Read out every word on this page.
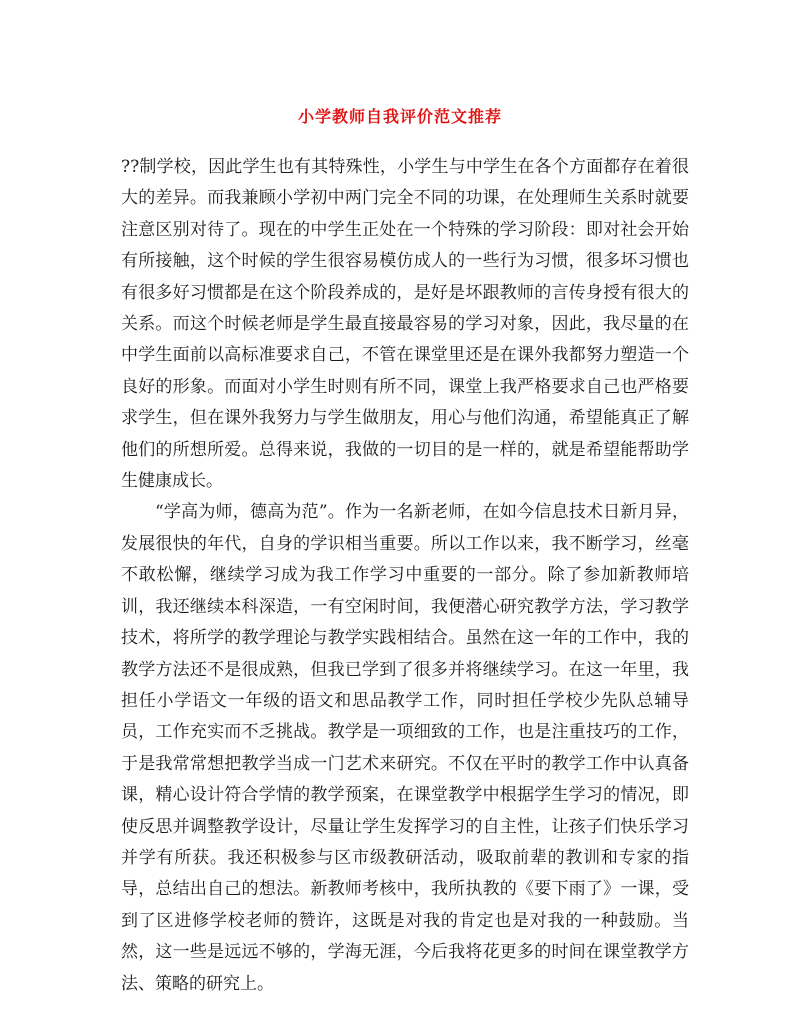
小学教师自我评价范文推荐

??制学校，因此学生也有其特殊性，小学生与中学生在各个方面都存在着很大的差异。而我兼顾小学初中两门完全不同的功课，在处理师生关系时就要注意区别对待了。现在的中学生正处在一个特殊的学习阶段：即对社会开始有所接触，这个时候的学生很容易模仿成人的一些行为习惯，很多坏习惯也有很多好习惯都是在这个阶段养成的，是好是坏跟教师的言传身授有很大的关系。而这个时候老师是学生最直接最容易的学习对象，因此，我尽量的在中学生面前以高标准要求自己，不管在课堂里还是在课外我都努力塑造一个良好的形象。而面对小学生时则有所不同，课堂上我严格要求自己也严格要求学生，但在课外我努力与学生做朋友，用心与他们沟通，希望能真正了解他们的所想所爱。总得来说，我做的一切目的是一样的，就是希望能帮助学生健康成长。

“学高为师，德高为范”。作为一名新老师，在如今信息技术日新月异，发展很快的年代，自身的学识相当重要。所以工作以来，我不断学习，丝毫不敢松懈，继续学习成为我工作学习中重要的一部分。除了参加新教师培训，我还继续本科深造，一有空闲时间，我便潜心研究教学方法，学习教学技术，将所学的教学理论与教学实践相结合。虽然在这一年的工作中，我的教学方法还不是很成熟，但我已学到了很多并将继续学习。在这一年里，我担任小学语文一年级的语文和思品教学工作，同时担任学校少先队总辅导员，工作充实而不乏挑战。教学是一项细致的工作，也是注重技巧的工作，于是我常常想把教学当成一门艺术来研究。不仅在平时的教学工作中认真备课，精心设计符合学情的教学预案，在课堂教学中根据学生学习的情况，即使反思并调整教学设计，尽量让学生发挥学习的自主性，让孩子们快乐学习并学有所获。我还积极参与区市级教研活动，吸取前辈的教训和专家的指导，总结出自己的想法。新教师考核中，我所执教的《要下雨了》一课，受到了区进修学校老师的赞许，这既是对我的肯定也是对我的一种鼓励。当然，这一些是远远不够的，学海无涯，今后我将花更多的时间在课堂教学方法、策略的研究上。
